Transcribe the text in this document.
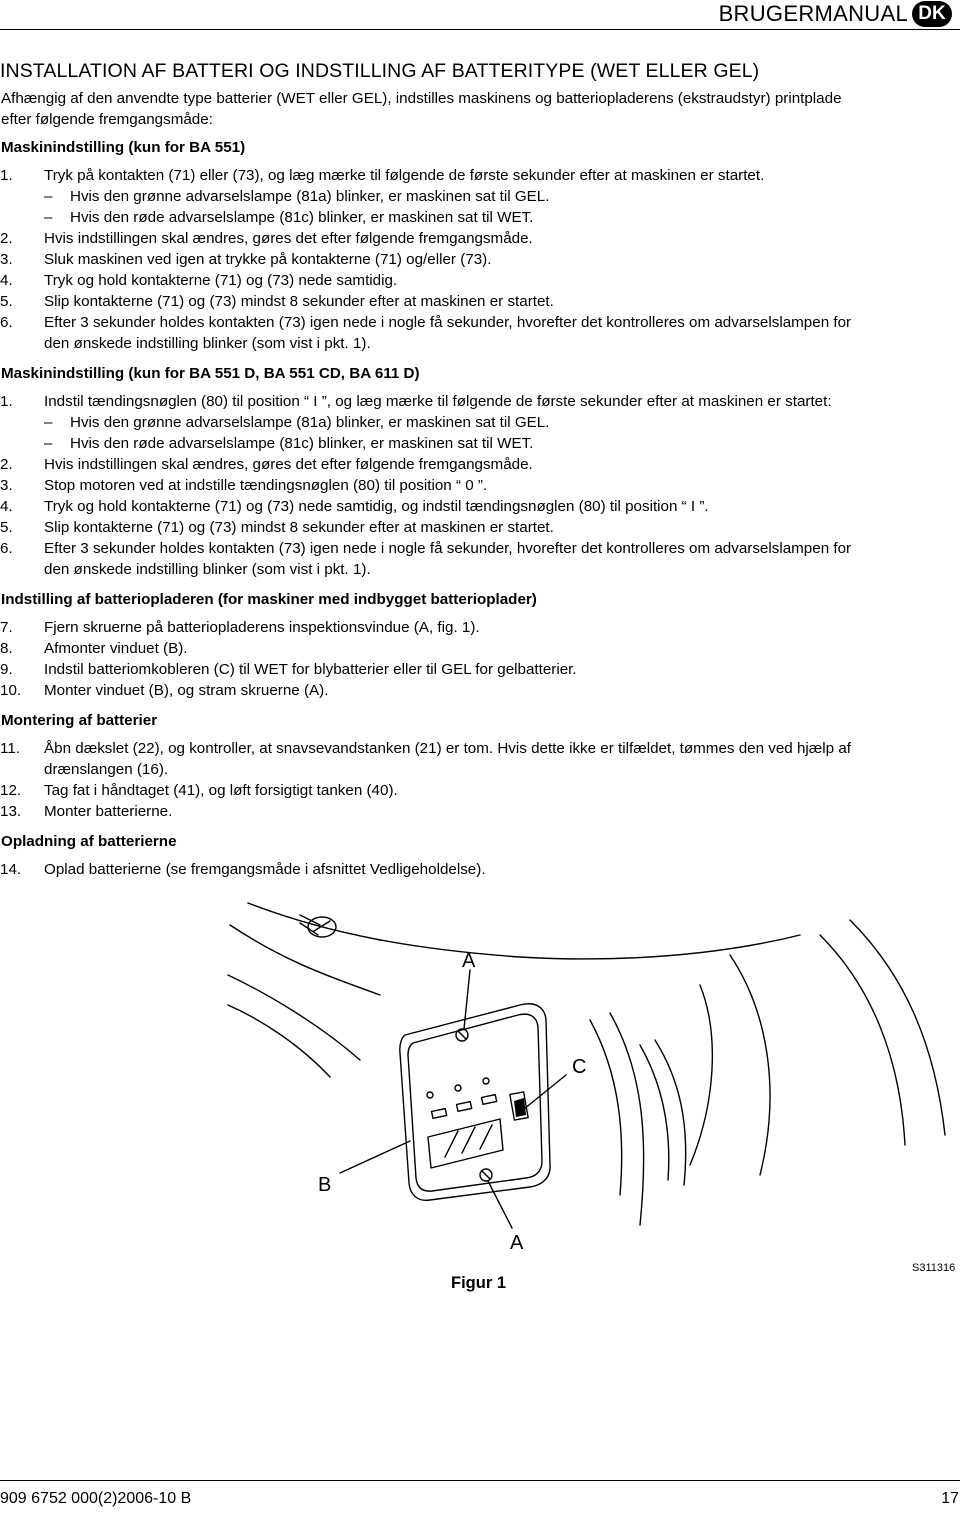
BRUGERMANUAL DK
INSTALLATION AF BATTERI OG INDSTILLING AF BATTERITYPE (WET ELLER GEL)

Afhængig af den anvendte type batterier (WET eller GEL), indstilles maskinens og batteriopladerens (ekstraudstyr) printplade

efter følgende fremgangsmåde:

Maskinindstilling (kun for BA 551)

1.	Tryk på kontakten (71) eller (73), og læg mærke til følgende de første sekunder efter at maskinen er startet.
–	Hvis den grønne advarselslampe (81a) blinker, er maskinen sat til GEL.
–	Hvis den røde advarselslampe (81c) blinker, er maskinen sat til WET.
2.	Hvis indstillingen skal ændres, gøres det efter følgende fremgangsmåde.
3.	Sluk maskinen ved igen at trykke på kontakterne (71) og/eller (73).
4.	Tryk og hold kontakterne (71) og (73) nede samtidig.
5.	Slip kontakterne (71) og (73) mindst 8 sekunder efter at maskinen er startet.
6.	Efter 3 sekunder holdes kontakten (73) igen nede i nogle få sekunder, hvorefter det kontrolleres om advarselslampen for
den ønskede indstilling blinker (som vist i pkt. 1).

Maskinindstilling (kun for BA 551 D, BA 551 CD, BA 611 D)

1.	Indstil tændingsnøglen (80) til position “ I ”, og læg mærke til følgende de første sekunder efter at maskinen er startet:
–	Hvis den grønne advarselslampe (81a) blinker, er maskinen sat til GEL.
–	Hvis den røde advarselslampe (81c) blinker, er maskinen sat til WET.
2.	Hvis indstillingen skal ændres, gøres det efter følgende fremgangsmåde.
3.	Stop motoren ved at indstille tændingsnøglen (80) til position “ 0 ”.
4.	Tryk og hold kontakterne (71) og (73) nede samtidig, og indstil tændingsnøglen (80) til position “ I ”.
5.	Slip kontakterne (71) og (73) mindst 8 sekunder efter at maskinen er startet.
6.	Efter 3 sekunder holdes kontakten (73) igen nede i nogle få sekunder, hvorefter det kontrolleres om advarselslampen for
den ønskede indstilling blinker (som vist i pkt. 1).

Indstilling af batteriopladeren (for maskiner med indbygget batterioplader)

7.	Fjern skruerne på batteriopladerens inspektionsvindue (A, fig. 1).
8.	Afmonter vinduet (B).
9.	Indstil batteriomkobleren (C) til WET for blybatterier eller til GEL for gelbatterier.
10.	Monter vinduet (B), og stram skruerne (A).

Montering af batterier

11.	Åbn dækslet (22), og kontroller, at snavsevandstanken (21) er tom. Hvis dette ikke er tilfældet, tømmes den ved hjælp af
drænslangen (16).
12.	Tag fat i håndtaget (41), og løft forsigtigt tanken (40).
13.	Monter batterierne.

Opladning af batterierne

14.	Oplad batterierne (se fremgangsmåde i afsnittet Vedligeholdelse).
A
C
B
A
Figur 1
S311316
909 6752 000(2)2006-10 B	17
